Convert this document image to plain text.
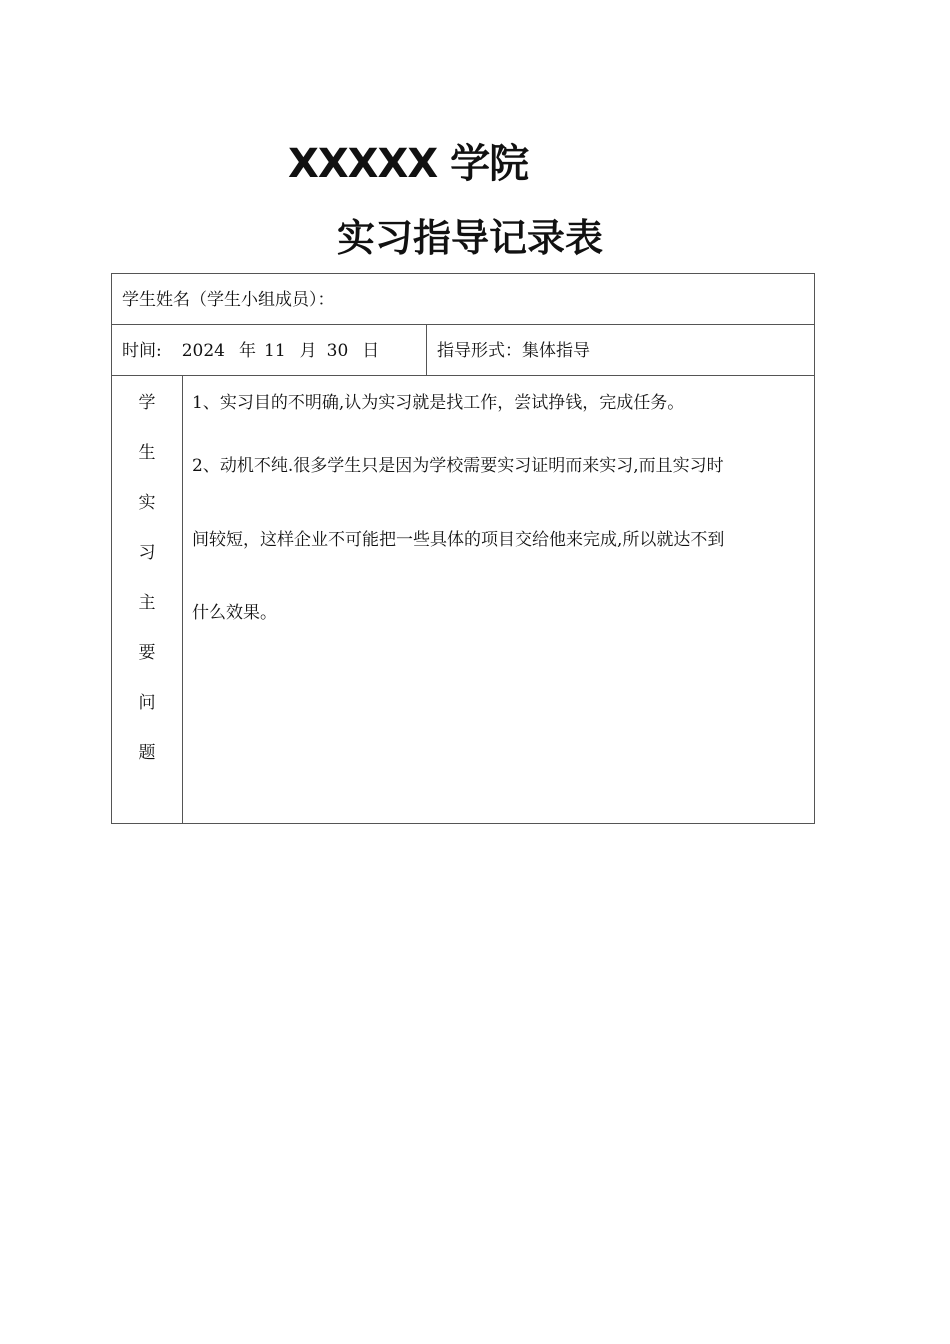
XXXXX 学院
实习指导记录表
学生姓名（学生小组成员）：
时间: 2024 年 11 月 30 日	指导形式：集体指导
学
生
实
习
主
要
问
题
1、实习目的不明确,认为实习就是找工作，尝试挣钱，完成任务。
2、动机不纯.很多学生只是因为学校需要实习证明而来实习,而且实习时
间较短，这样企业不可能把一些具体的项目交给他来完成,所以就达不到
什么效果。
